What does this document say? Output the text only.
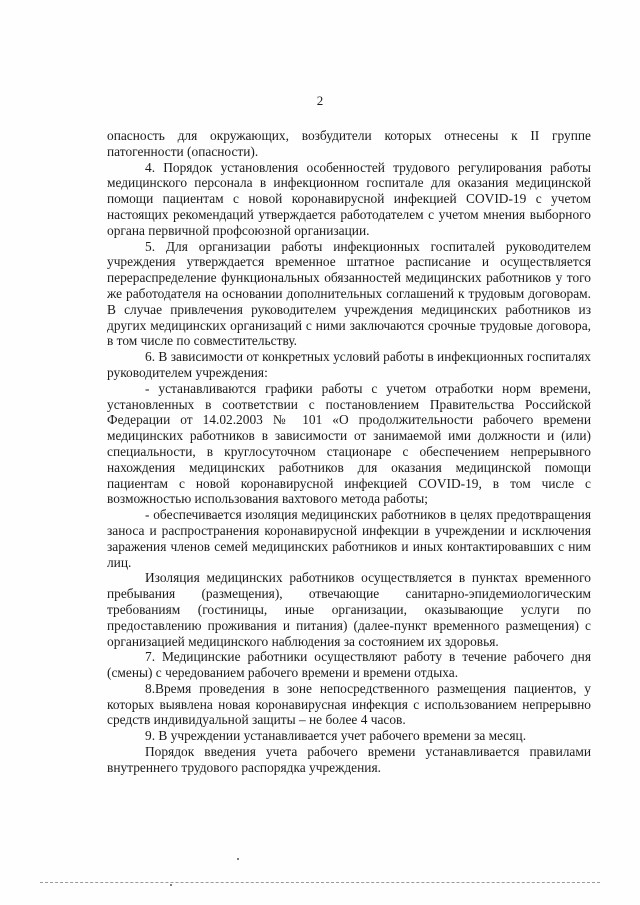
2

опасность для окружающих, возбудители которых отнесены к II группе патогенности (опасности).

4. Порядок установления особенностей трудового регулирования работы медицинского персонала в инфекционном госпитале для оказания медицинской помощи пациентам с новой коронавирусной инфекцией COVID-19 с учетом настоящих рекомендаций утверждается работодателем с учетом мнения выборного органа первичной профсоюзной организации.

5. Для организации работы инфекционных госпиталей руководителем учреждения утверждается временное штатное расписание и осуществляется перераспределение функциональных обязанностей медицинских работников у того же работодателя на основании дополнительных соглашений к трудовым договорам. В случае привлечения руководителем учреждения медицинских работников из других медицинских организаций с ними заключаются срочные трудовые договора, в том числе по совместительству.

6. В зависимости от конкретных условий работы в инфекционных госпиталях руководителем учреждения:

- устанавливаются графики работы с учетом отработки норм времени, установленных в соответствии с постановлением Правительства Российской Федерации от 14.02.2003 № 101 «О продолжительности рабочего времени медицинских работников в зависимости от занимаемой ими должности и (или) специальности, в круглосуточном стационаре с обеспечением непрерывного нахождения медицинских работников для оказания медицинской помощи пациентам с новой коронавирусной инфекцией COVID-19, в том числе с возможностью использования вахтового метода работы;

- обеспечивается изоляция медицинских работников в целях предотвращения заноса и распространения коронавирусной инфекции в учреждении и исключения заражения членов семей медицинских работников и иных контактировавших с ним лиц.

Изоляция медицинских работников осуществляется в пунктах временного пребывания (размещения), отвечающие санитарно-эпидемиологическим требованиям (гостиницы, иные организации, оказывающие услуги по предоставлению проживания и питания) (далее-пункт временного размещения) с организацией медицинского наблюдения за состоянием их здоровья.

7. Медицинские работники осуществляют работу в течение рабочего дня (смены) с чередованием рабочего времени и времени отдыха.

8.Время проведения в зоне непосредственного размещения пациентов, у которых выявлена новая коронавирусная инфекция с использованием непрерывно средств индивидуальной защиты – не более 4 часов.

9. В учреждении устанавливается учет рабочего времени за месяц.

Порядок введения учета рабочего времени устанавливается правилами внутреннего трудового распорядка учреждения.
